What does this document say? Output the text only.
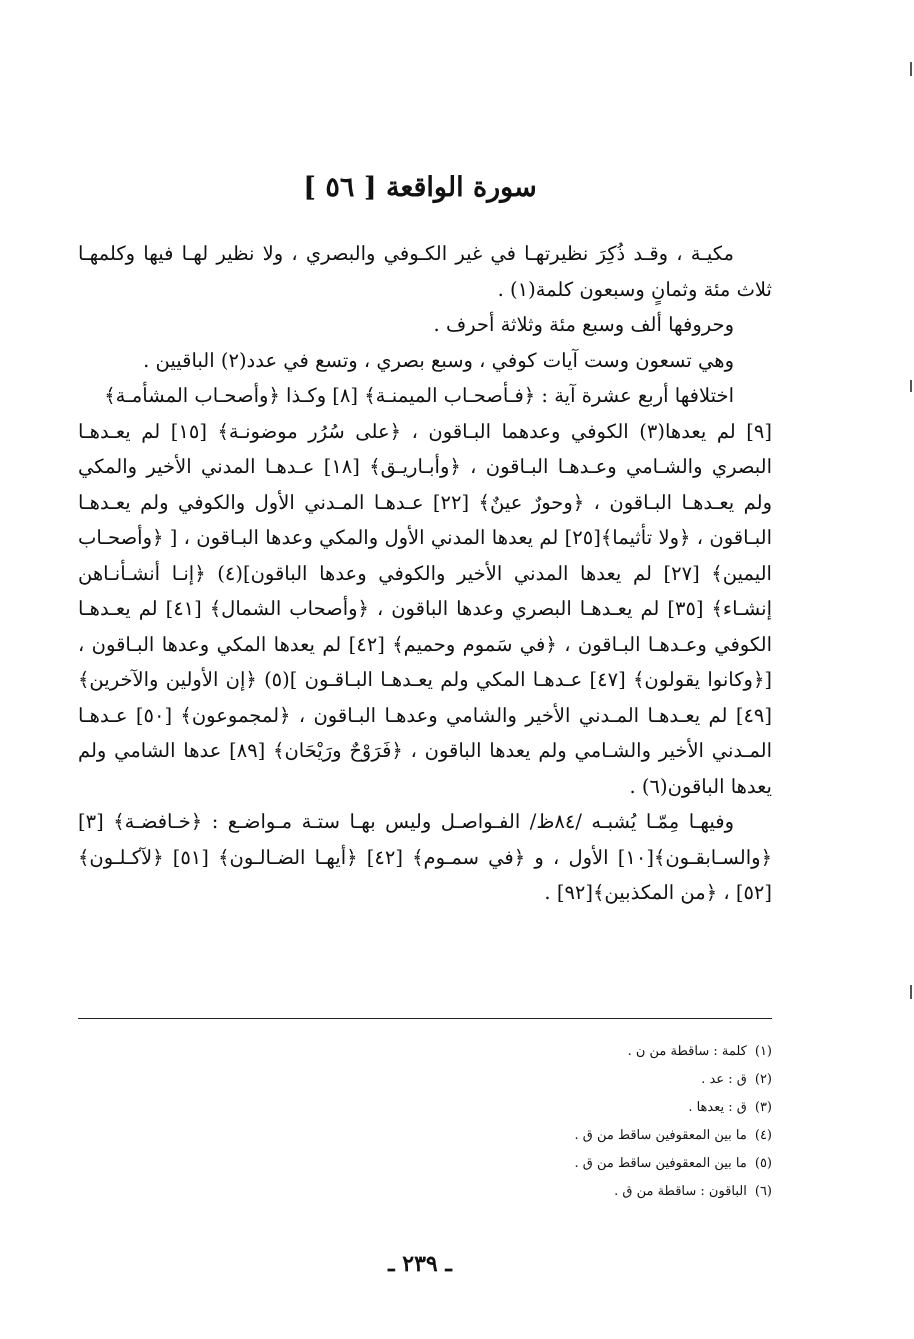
سورة الواقعة [ ٥٦ ]

مكيـة ، وقـد ذُكِرَ نظيرتهـا في غير الكـوفي والبصري ، ولا نظير لهـا فيها وكلمهـا ثلاث مئة وثمانٍ وسبعون كلمة(١) .

وحروفها ألف وسبع مئة وثلاثة أحرف .

وهي تسعون وست آيات كوفي ، وسبع بصري ، وتسع في عدد(٢) الباقيين .

اختلافها أربع عشرة آية : ﴿فـأصحـاب الميمنـة﴾ [٨] وكـذا ﴿وأصحـاب المشأمـة﴾

[٩] لم يعدها(٣) الكوفي وعدهما البـاقون ، ﴿على سُرُر موضونـة﴾ [١٥] لم يعـدهـا البصري والشـامي وعـدهـا البـاقون ، ﴿وأبـاريـق﴾ [١٨] عـدهـا المدني الأخير والمكي ولم يعـدهـا البـاقون ، ﴿وحورٌ عينٌ﴾ [٢٢] عـدهـا المـدني الأول والكوفي ولم يعـدهـا البـاقون ، ﴿ولا تأثيما﴾[٢٥] لم يعدها المدني الأول والمكي وعدها البـاقون ، [ ﴿وأصحـاب اليمين﴾ [٢٧] لم يعدها المدني الأخير والكوفي وعدها الباقون](٤) ﴿إنـا أنشـأنـاهن إنشـاء﴾ [٣٥] لم يعـدهـا البصري وعدها الباقون ، ﴿وأصحاب الشمال﴾ [٤١] لم يعـدهـا الكوفي وعـدهـا البـاقون ، ﴿في سَموم وحميم﴾ [٤٢] لم يعدها المكي وعدها البـاقون ، [﴿وكانوا يقولون﴾ [٤٧] عـدهـا المكي ولم يعـدهـا البـاقـون ](٥) ﴿إن الأولين والآخرين﴾ [٤٩] لم يعـدهـا المـدني الأخير والشامي وعدهـا البـاقون ، ﴿لمجموعون﴾ [٥٠] عـدهـا المـدني الأخير والشـامي ولم يعدها الباقون ، ﴿فَرَوْحٌ ورَيْحَان﴾ [٨٩] عدها الشامي ولم يعدها الباقون(٦) .

وفيهـا مِمّـا يُشبـه /٨٤ظ/ الفـواصـل وليس بهـا ستـة مـواضـع : ﴿خـافضـة﴾ [٣] ﴿والسـابقـون﴾[١٠] الأول ، و ﴿في سمـوم﴾ [٤٢] ﴿أيهـا الضـالـون﴾ [٥١] ﴿لآكـلـون﴾ [٥٢] ، ﴿من المكذبين﴾[٩٢] .

(١)كلمة : ساقطة من ن .

(٢)ق : عد .

(٣)ق : يعدها .

(٤)ما بين المعقوفين ساقط من ق .

(٥)ما بين المعقوفين ساقط من ق .

(٦)الباقون : ساقطة من ق .

ـ ٢٣٩ ـ
